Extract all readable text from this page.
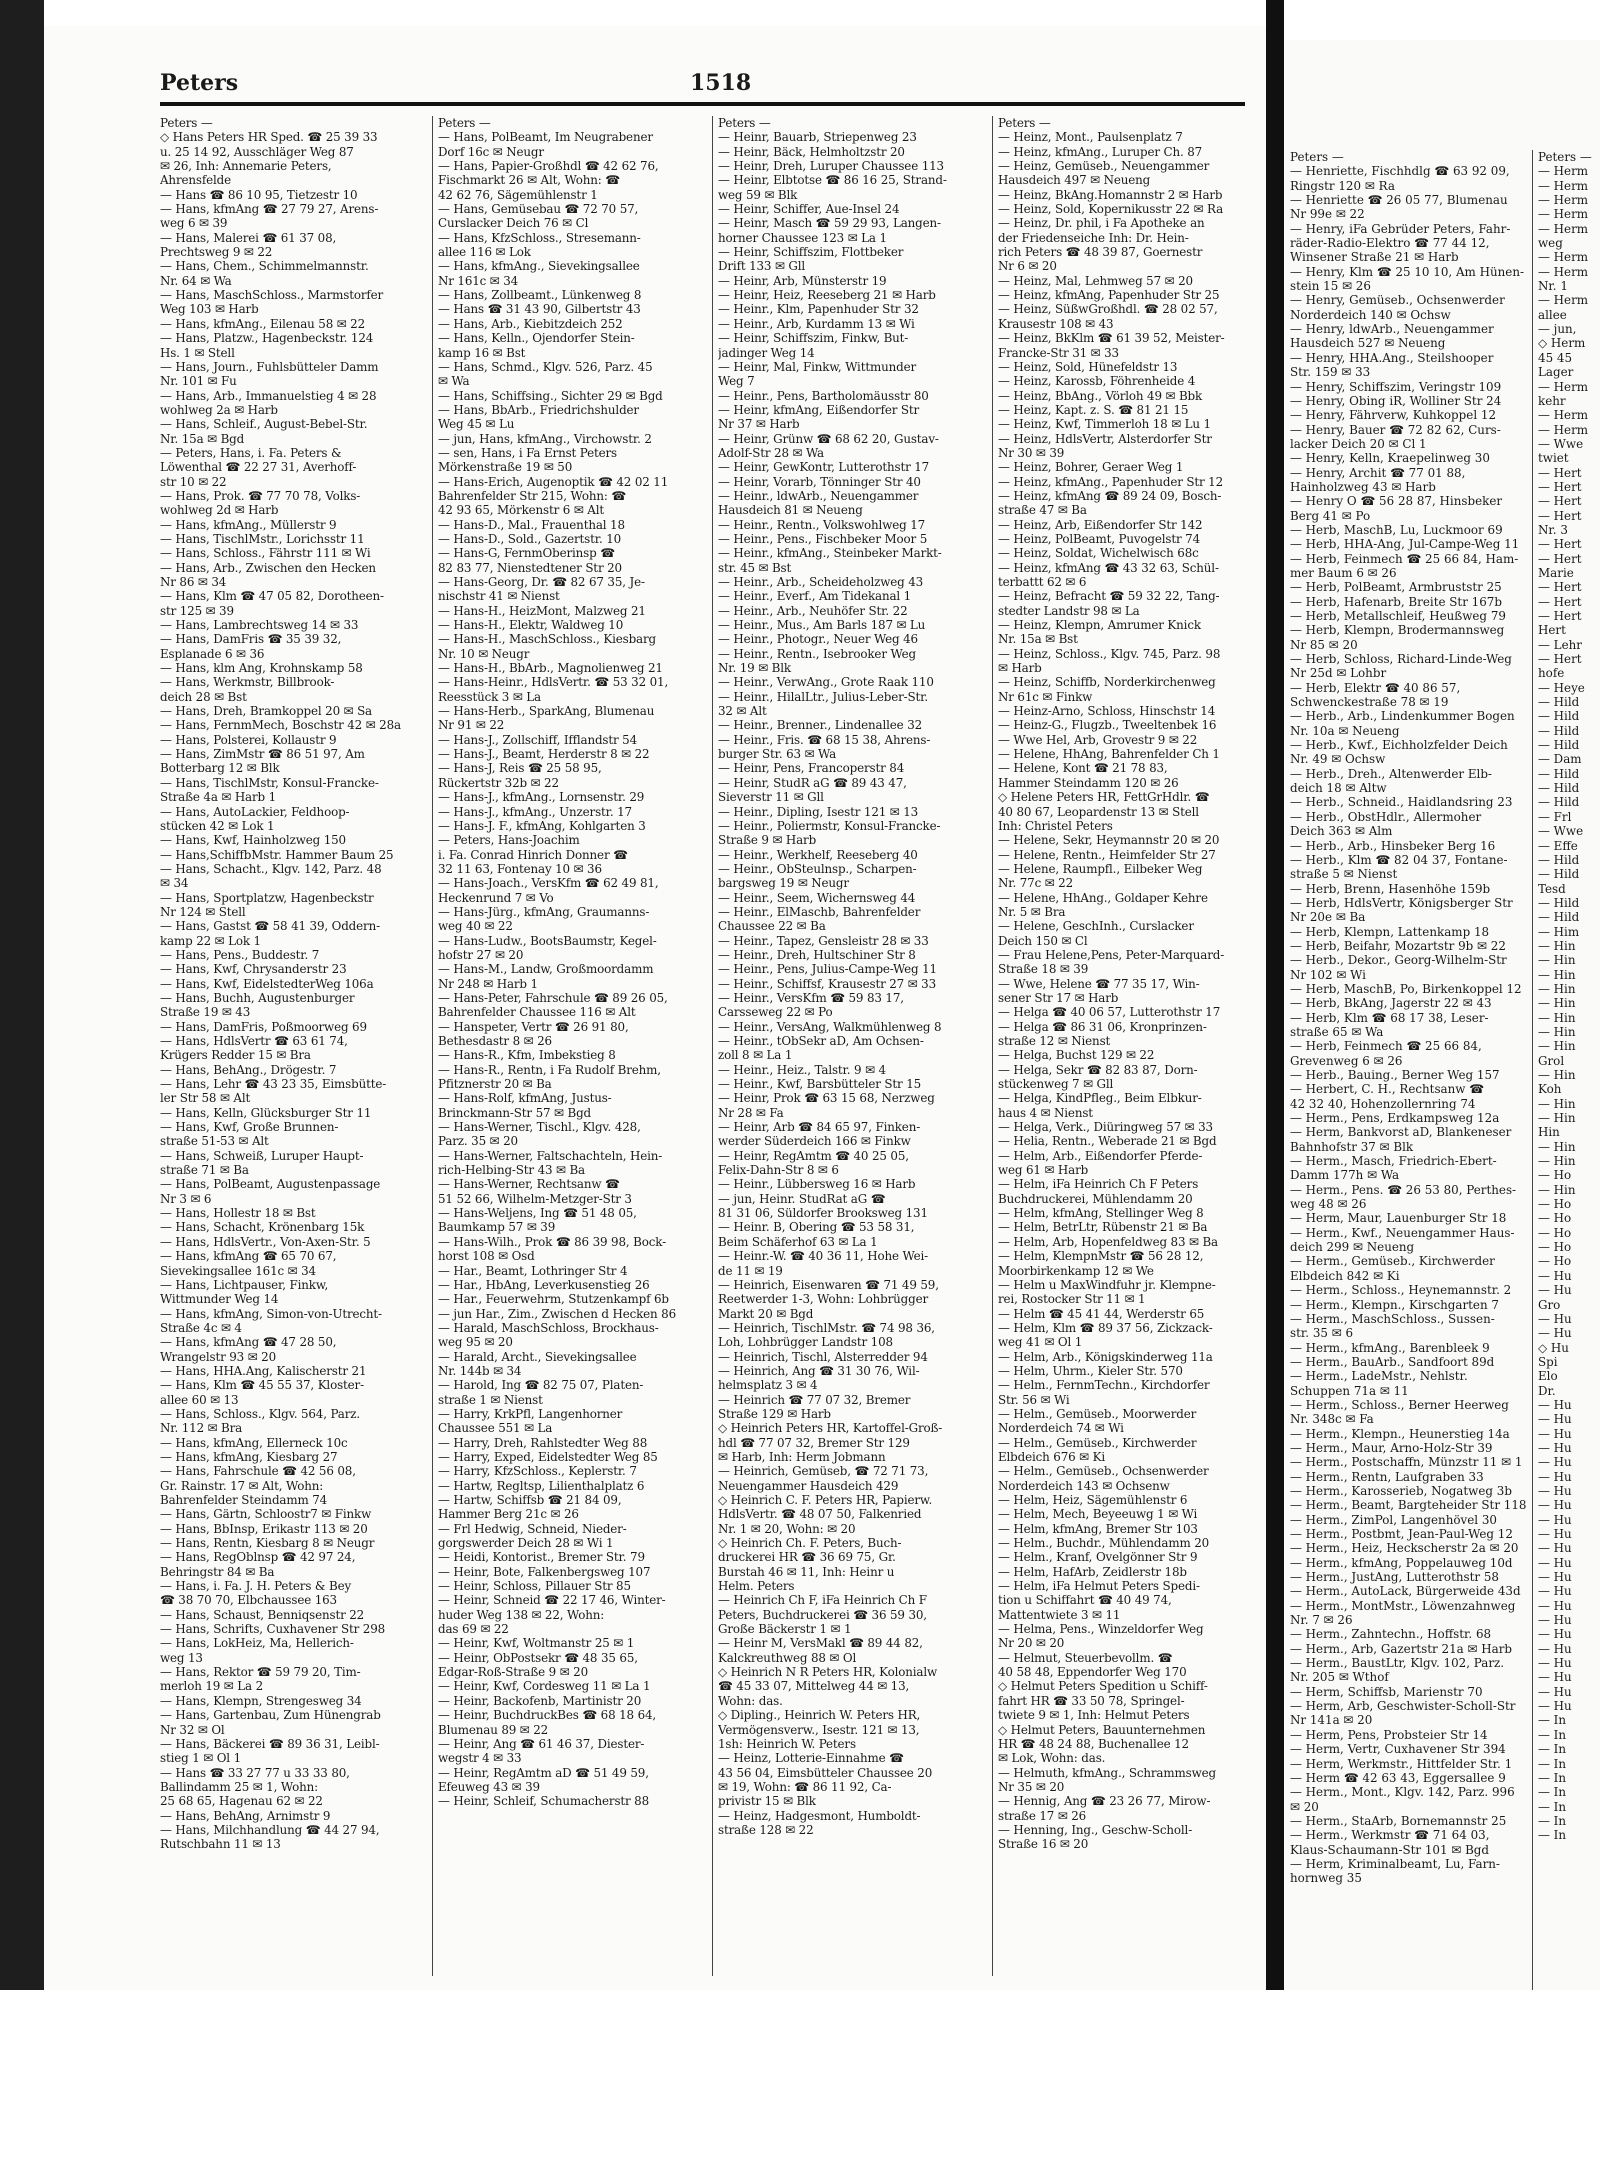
Peters —
— Henriette, Fischhdlg ☎ 63 92 09,
Ringstr 120 ✉ Ra
— Henriette ☎ 26 05 77, Blumenau
Nr 99e ✉ 22
— Henry, iFa Gebrüder Peters, Fahr-
räder-Radio-Elektro ☎ 77 44 12,
Winsener Straße 21 ✉ Harb
— Henry, Klm ☎ 25 10 10, Am Hünen-
stein 15 ✉ 26
— Henry, Gemüseb., Ochsenwerder
Norderdeich 140 ✉ Ochsw
— Henry, ldwArb., Neuengammer
Hausdeich 527 ✉ Neueng
— Henry, HHA.Ang., Steilshooper
Str. 159 ✉ 33
— Henry, Schiffszim, Veringstr 109
— Henry, Obing iR, Wolliner Str 24
— Henry, Fährverw, Kuhkoppel 12
— Henry, Bauer ☎ 72 82 62, Curs-
lacker Deich 20 ✉ Cl 1
— Henry, Kelln, Kraepelinweg 30
— Henry, Archit ☎ 77 01 88,
Hainholzweg 43 ✉ Harb
— Henry O ☎ 56 28 87, Hinsbeker
Berg 41 ✉ Po
— Herb, MaschB, Lu, Luckmoor 69
— Herb, HHA-Ang, Jul-Campe-Weg 11
— Herb, Feinmech ☎ 25 66 84, Ham-
mer Baum 6 ✉ 26
— Herb, PolBeamt, Armbruststr 25
— Herb, Hafenarb, Breite Str 167b
— Herb, Metallschleif, Heußweg 79
— Herb, Klempn, Brodermannsweg
Nr 85 ✉ 20
— Herb, Schloss, Richard-Linde-Weg
Nr 25d ✉ Lohbr
— Herb, Elektr ☎ 40 86 57,
Schwenckestraße 78 ✉ 19
— Herb., Arb., Lindenkummer Bogen
Nr. 10a ✉ Neueng
— Herb., Kwf., Eichholzfelder Deich
Nr. 49 ✉ Ochsw
— Herb., Dreh., Altenwerder Elb-
deich 18 ✉ Altw
— Herb., Schneid., Haidlandsring 23
— Herb., ObstHdlr., Allermoher
Deich 363 ✉ Alm
— Herb., Arb., Hinsbeker Berg 16
— Herb., Klm ☎ 82 04 37, Fontane-
straße 5 ✉ Nienst
— Herb, Brenn, Hasenhöhe 159b
— Herb, HdlsVertr, Königsberger Str
Nr 20e ✉ Ba
— Herb, Klempn, Lattenkamp 18
— Herb, Beifahr, Mozartstr 9b ✉ 22
— Herb., Dekor., Georg-Wilhelm-Str
Nr 102 ✉ Wi
— Herb, MaschB, Po, Birkenkoppel 12
— Herb, BkAng, Jagerstr 22 ✉ 43
— Herb, Klm ☎ 68 17 38, Leser-
straße 65 ✉ Wa
— Herb, Feinmech ☎ 25 66 84,
Grevenweg 6 ✉ 26
— Herb., Bauing., Berner Weg 157
— Herbert, C. H., Rechtsanw ☎
42 32 40, Hohenzollernring 74
— Herm., Pens, Erdkampsweg 12a
— Herm, Bankvorst aD, Blankeneser
Bahnhofstr 37 ✉ Blk
— Herm., Masch, Friedrich-Ebert-
Damm 177h ✉ Wa
— Herm., Pens. ☎ 26 53 80, Perthes-
weg 48 ✉ 26
— Herm, Maur, Lauenburger Str 18
— Herm., Kwf., Neuengammer Haus-
deich 299 ✉ Neueng
— Herm., Gemüseb., Kirchwerder
Elbdeich 842 ✉ Ki
— Herm., Schloss., Heynemannstr. 2
— Herm., Klempn., Kirschgarten 7
— Herm., MaschSchloss., Sussen-
str. 35 ✉ 6
— Herm., kfmAng., Barenbleek 9
— Herm., BauArb., Sandfoort 89d
— Herm., LadeMstr., Nehlstr.
Schuppen 71a ✉ 11
— Herm., Schloss., Berner Heerweg
Nr. 348c ✉ Fa
— Herm., Klempn., Heunerstieg 14a
— Herm., Maur, Arno-Holz-Str 39
— Herm., Postschaffn, Münzstr 11 ✉ 1
— Herm., Rentn, Laufgraben 33
— Herm., Karosserieb, Nogatweg 3b
— Herm., Beamt, Bargteheider Str 118
— Herm., ZimPol, Langenhövel 30
— Herm., Postbmt, Jean-Paul-Weg 12
— Herm., Heiz, Heckscherstr 2a ✉ 20
— Herm., kfmAng, Poppelauweg 10d
— Herm., JustAng, Lutterothstr 58
— Herm., AutoLack, Bürgerweide 43d
— Herm., MontMstr., Löwenzahnweg
Nr. 7 ✉ 26
— Herm., Zahntechn., Hoffstr. 68
— Herm., Arb, Gazertstr 21a ✉ Harb
— Herm., BaustLtr, Klgv. 102, Parz.
Nr. 205 ✉ Wthof
— Herm, Schiffsb, Marienstr 70
— Herm, Arb, Geschwister-Scholl-Str
Nr 141a ✉ 20
— Herm, Pens, Probsteier Str 14
— Herm, Vertr, Cuxhavener Str 394
— Herm, Werkmstr., Hittfelder Str. 1
— Herm ☎ 42 63 43, Eggersallee 9
— Herm., Mont., Klgv. 142, Parz. 996
✉ 20
— Herm., StaArb, Bornemannstr 25
— Herm., Werkmstr ☎ 71 64 03,
Klaus-Schaumann-Str 101 ✉ Bgd
— Herm, Kriminalbeamt, Lu, Farn-
hornweg 35
Peters —
— Herm
— Herm
— Herm
— Herm
— Herm
weg
— Herm
— Herm
Nr. 1
— Herm
allee
— jun,
◇ Herm
45 45
Lager
— Herm
kehr
— Herm
— Herm
— Wwe
twiet
— Hert
— Hert
— Hert
— Hert
Nr. 3
— Hert
— Hert
Marie
— Hert
— Hert
— Hert
Hert
— Lehr
— Hert
hofe
— Heye
— Hild
— Hild
— Hild
— Hild
— Dam
— Hild
— Hild
— Hild
— Frl
— Wwe
— Effe
— Hild
— Hild
Tesd
— Hild
— Hild
— Him
— Hin
— Hin
— Hin
— Hin
— Hin
— Hin
— Hin
— Hin
Grol
— Hin
Koh
— Hin
— Hin
Hin
— Hin
— Hin
— Ho
— Hin
— Ho
— Ho
— Ho
— Ho
— Ho
— Hu
— Hu
Gro
— Hu
— Hu
◇ Hu
Spi
Elo
Dr.
— Hu
— Hu
— Hu
— Hu
— Hu
— Hu
— Hu
— Hu
— Hu
— Hu
— Hu
— Hu
— Hu
— Hu
— Hu
— Hu
— Hu
— Hu
— Hu
— Hu
— Hu
— Hu
— In
— In
— In
— In
— In
— In
— In
— In
— In
Peters	1518
Peters —
◇ Hans Peters HR Sped. ☎ 25 39 33
u. 25 14 92, Ausschläger Weg 87
✉ 26, Inh: Annemarie Peters,
Ahrensfelde
— Hans ☎ 86 10 95, Tietzestr 10
— Hans, kfmAng ☎ 27 79 27, Arens-
weg 6 ✉ 39
— Hans, Malerei ☎ 61 37 08,
Prechtsweg 9 ✉ 22
— Hans, Chem., Schimmelmannstr.
Nr. 64 ✉ Wa
— Hans, MaschSchloss., Marmstorfer
Weg 103 ✉ Harb
— Hans, kfmAng., Eilenau 58 ✉ 22
— Hans, Platzw., Hagenbeckstr. 124
Hs. 1 ✉ Stell
— Hans, Journ., Fuhlsbütteler Damm
Nr. 101 ✉ Fu
— Hans, Arb., Immanuelstieg 4 ✉ 28
wohlweg 2a ✉ Harb
— Hans, Schleif., August-Bebel-Str.
Nr. 15a ✉ Bgd
— Peters, Hans, i. Fa. Peters &
Löwenthal ☎ 22 27 31, Averhoff-
str 10 ✉ 22
— Hans, Prok. ☎ 77 70 78, Volks-
wohlweg 2d ✉ Harb
— Hans, kfmAng., Müllerstr 9
— Hans, TischlMstr., Lorichsstr 11
— Hans, Schloss., Fährstr 111 ✉ Wi
— Hans, Arb., Zwischen den Hecken
Nr 86 ✉ 34
— Hans, Klm ☎ 47 05 82, Dorotheen-
str 125 ✉ 39
— Hans, Lambrechtsweg 14 ✉ 33
— Hans, DamFris ☎ 35 39 32,
Esplanade 6 ✉ 36
— Hans, klm Ang, Krohnskamp 58
— Hans, Werkmstr, Billbrook-
deich 28 ✉ Bst
— Hans, Dreh, Bramkoppel 20 ✉ Sa
— Hans, FernmMech, Boschstr 42 ✉ 28a
— Hans, Polsterei, Kollaustr 9
— Hans, ZimMstr ☎ 86 51 97, Am
Botterbarg 12 ✉ Blk
— Hans, TischlMstr, Konsul-Francke-
Straße 4a ✉ Harb 1
— Hans, AutoLackier, Feldhoop-
stücken 42 ✉ Lok 1
— Hans, Kwf, Hainholzweg 150
— Hans,SchiffbMstr. Hammer Baum 25
— Hans, Schacht., Klgv. 142, Parz. 48
✉ 34
— Hans, Sportplatzw, Hagenbeckstr
Nr 124 ✉ Stell
— Hans, Gastst ☎ 58 41 39, Oddern-
kamp 22 ✉ Lok 1
— Hans, Pens., Buddestr. 7
— Hans, Kwf, Chrysanderstr 23
— Hans, Kwf, EidelstedterWeg 106a
— Hans, Buchh, Augustenburger
Straße 19 ✉ 43
— Hans, DamFris, Poßmoorweg 69
— Hans, HdlsVertr ☎ 63 61 74,
Krügers Redder 15 ✉ Bra
— Hans, BehAng., Drögestr. 7
— Hans, Lehr ☎ 43 23 35, Eimsbütte-
ler Str 58 ✉ Alt
— Hans, Kelln, Glücksburger Str 11
— Hans, Kwf, Große Brunnen-
straße 51-53 ✉ Alt
— Hans, Schweiß, Luruper Haupt-
straße 71 ✉ Ba
— Hans, PolBeamt, Augustenpassage
Nr 3 ✉ 6
— Hans, Hollestr 18 ✉ Bst
— Hans, Schacht, Krönenbarg 15k
— Hans, HdlsVertr., Von-Axen-Str. 5
— Hans, kfmAng ☎ 65 70 67,
Sievekingsallee 161c ✉ 34
— Hans, Lichtpauser, Finkw,
Wittmunder Weg 14
— Hans, kfmAng, Simon-von-Utrecht-
Straße 4c ✉ 4
— Hans, kfmAng ☎ 47 28 50,
Wrangelstr 93 ✉ 20
— Hans, HHA.Ang, Kalischerstr 21
— Hans, Klm ☎ 45 55 37, Kloster-
allee 60 ✉ 13
— Hans, Schloss., Klgv. 564, Parz.
Nr. 112 ✉ Bra
— Hans, kfmAng, Ellerneck 10c
— Hans, kfmAng, Kiesbarg 27
— Hans, Fahrschule ☎ 42 56 08,
Gr. Rainstr. 17 ✉ Alt, Wohn:
Bahrenfelder Steindamm 74
— Hans, Gärtn, Schloostr7 ✉ Finkw
— Hans, BbInsp, Erikastr 113 ✉ 20
— Hans, Rentn, Kiesbarg 8 ✉ Neugr
— Hans, RegOblnsp ☎ 42 97 24,
Behringstr 84 ✉ Ba
— Hans, i. Fa. J. H. Peters & Bey
☎ 38 70 70, Elbchaussee 163
— Hans, Schaust, Benniqsenstr 22
— Hans, Schrifts, Cuxhavener Str 298
— Hans, LokHeiz, Ma, Hellerich-
weg 13
— Hans, Rektor ☎ 59 79 20, Tim-
merloh 19 ✉ La 2
— Hans, Klempn, Strengesweg 34
— Hans, Gartenbau, Zum Hünengrab
Nr 32 ✉ Ol
— Hans, Bäckerei ☎ 89 36 31, Leibl-
stieg 1 ✉ Ol 1
— Hans ☎ 33 27 77 u 33 33 80,
Ballindamm 25 ✉ 1, Wohn:
25 68 65, Hagenau 62 ✉ 22
— Hans, BehAng, Arnimstr 9
— Hans, Milchhandlung ☎ 44 27 94,
Rutschbahn 11 ✉ 13
Peters —
— Hans, PolBeamt, Im Neugrabener
Dorf 16c ✉ Neugr
— Hans, Papier-Großhdl ☎ 42 62 76,
Fischmarkt 26 ✉ Alt, Wohn: ☎
42 62 76, Sägemühlenstr 1
— Hans, Gemüsebau ☎ 72 70 57,
Curslacker Deich 76 ✉ Cl
— Hans, KfzSchloss., Stresemann-
allee 116 ✉ Lok
— Hans, kfmAng., Sievekingsallee
Nr 161c ✉ 34
— Hans, Zollbeamt., Lünkenweg 8
— Hans ☎ 31 43 90, Gilbertstr 43
— Hans, Arb., Kiebitzdeich 252
— Hans, Kelln., Ojendorfer Stein-
kamp 16 ✉ Bst
— Hans, Schmd., Klgv. 526, Parz. 45
✉ Wa
— Hans, Schiffsing., Sichter 29 ✉ Bgd
— Hans, BbArb., Friedrichshulder
Weg 45 ✉ Lu
— jun, Hans, kfmAng., Virchowstr. 2
— sen, Hans, i Fa Ernst Peters
Mörkenstraße 19 ✉ 50
— Hans-Erich, Augenoptik ☎ 42 02 11
Bahrenfelder Str 215, Wohn: ☎
42 93 65, Mörkenstr 6 ✉ Alt
— Hans-D., Mal., Frauenthal 18
— Hans-D., Sold., Gazertstr. 10
— Hans-G, FernmOberinsp ☎
82 83 77, Nienstedtener Str 20
— Hans-Georg, Dr. ☎ 82 67 35, Je-
nischstr 41 ✉ Nienst
— Hans-H., HeizMont, Malzweg 21
— Hans-H., Elektr, Waldweg 10
— Hans-H., MaschSchloss., Kiesbarg
Nr. 10 ✉ Neugr
— Hans-H., BbArb., Magnolienweg 21
— Hans-Heinr., HdlsVertr. ☎ 53 32 01,
Reesstück 3 ✉ La
— Hans-Herb., SparkAng, Blumenau
Nr 91 ✉ 22
— Hans-J., Zollschiff, Ifflandstr 54
— Hans-J., Beamt, Herderstr 8 ✉ 22
— Hans-J, Reis ☎ 25 58 95,
Rückertstr 32b ✉ 22
— Hans-J., kfmAng., Lornsenstr. 29
— Hans-J., kfmAng., Unzerstr. 17
— Hans-J. F., kfmAng, Kohlgarten 3
— Peters, Hans-Joachim
i. Fa. Conrad Hinrich Donner ☎
32 11 63, Fontenay 10 ✉ 36
— Hans-Joach., VersKfm ☎ 62 49 81,
Heckenrund 7 ✉ Vo
— Hans-Jürg., kfmAng, Graumanns-
weg 40 ✉ 22
— Hans-Ludw., BootsBaumstr, Kegel-
hofstr 27 ✉ 20
— Hans-M., Landw, Großmoordamm
Nr 248 ✉ Harb 1
— Hans-Peter, Fahrschule ☎ 89 26 05,
Bahrenfelder Chaussee 116 ✉ Alt
— Hanspeter, Vertr ☎ 26 91 80,
Bethesdastr 8 ✉ 26
— Hans-R., Kfm, Imbekstieg 8
— Hans-R., Rentn, i Fa Rudolf Brehm,
Pfitznerstr 20 ✉ Ba
— Hans-Rolf, kfmAng, Justus-
Brinckmann-Str 57 ✉ Bgd
— Hans-Werner, Tischl., Klgv. 428,
Parz. 35 ✉ 20
— Hans-Werner, Faltschachteln, Hein-
rich-Helbing-Str 43 ✉ Ba
— Hans-Werner, Rechtsanw ☎
51 52 66, Wilhelm-Metzger-Str 3
— Hans-Weljens, Ing ☎ 51 48 05,
Baumkamp 57 ✉ 39
— Hans-Wilh., Prok ☎ 86 39 98, Bock-
horst 108 ✉ Osd
— Har., Beamt, Lothringer Str 4
— Har., HbAng, Leverkusenstieg 26
— Har., Feuerwehrm, Stutzenkampf 6b
— jun Har., Zim., Zwischen d Hecken 86
— Harald, MaschSchloss, Brockhaus-
weg 95 ✉ 20
— Harald, Archt., Sievekingsallee
Nr. 144b ✉ 34
— Harold, Ing ☎ 82 75 07, Platen-
straße 1 ✉ Nienst
— Harry, KrkPfl, Langenhorner
Chaussee 551 ✉ La
— Harry, Dreh, Rahlstedter Weg 88
— Harry, Exped, Eidelstedter Weg 85
— Harry, KfzSchloss., Keplerstr. 7
— Hartw, Regltsp, Lilienthalplatz 6
— Hartw, Schiffsb ☎ 21 84 09,
Hammer Berg 21c ✉ 26
— Frl Hedwig, Schneid, Nieder-
gorgswerder Deich 28 ✉ Wi 1
— Heidi, Kontorist., Bremer Str. 79
— Heinr, Bote, Falkenbergsweg 107
— Heinr, Schloss, Pillauer Str 85
— Heinr, Schneid ☎ 22 17 46, Winter-
huder Weg 138 ✉ 22, Wohn:
das 69 ✉ 22
— Heinr, Kwf, Woltmanstr 25 ✉ 1
— Heinr, ObPostsekr ☎ 48 35 65,
Edgar-Roß-Straße 9 ✉ 20
— Heinr, Kwf, Cordesweg 11 ✉ La 1
— Heinr, Backofenb, Martinistr 20
— Heinr, BuchdruckBes ☎ 68 18 64,
Blumenau 89 ✉ 22
— Heinr, Ang ☎ 61 46 37, Diester-
wegstr 4 ✉ 33
— Heinr, RegAmtm aD ☎ 51 49 59,
Efeuweg 43 ✉ 39
— Heinr, Schleif, Schumacherstr 88
Peters —
— Heinr, Bauarb, Striepenweg 23
— Heinr, Bäck, Helmholtzstr 20
— Heinr, Dreh, Luruper Chaussee 113
— Heinr, Elbtotse ☎ 86 16 25, Strand-
weg 59 ✉ Blk
— Heinr, Schiffer, Aue-Insel 24
— Heinr, Masch ☎ 59 29 93, Langen-
horner Chaussee 123 ✉ La 1
— Heinr, Schiffszim, Flottbeker
Drift 133 ✉ Gll
— Heinr, Arb, Münsterstr 19
— Heinr, Heiz, Reeseberg 21 ✉ Harb
— Heinr., Klm, Papenhuder Str 32
— Heinr., Arb, Kurdamm 13 ✉ Wi
— Heinr, Schiffszim, Finkw, But-
jadinger Weg 14
— Heinr, Mal, Finkw, Wittmunder
Weg 7
— Heinr., Pens, Bartholomäusstr 80
— Heinr, kfmAng, Eißendorfer Str
Nr 37 ✉ Harb
— Heinr, Grünw ☎ 68 62 20, Gustav-
Adolf-Str 28 ✉ Wa
— Heinr, GewKontr, Lutterothstr 17
— Heinr, Vorarb, Tönninger Str 40
— Heinr., ldwArb., Neuengammer
Hausdeich 81 ✉ Neueng
— Heinr., Rentn., Volkswohlweg 17
— Heinr., Pens., Fischbeker Moor 5
— Heinr., kfmAng., Steinbeker Markt-
str. 45 ✉ Bst
— Heinr., Arb., Scheideholzweg 43
— Heinr., Everf., Am Tidekanal 1
— Heinr., Arb., Neuhöfer Str. 22
— Heinr., Mus., Am Barls 187 ✉ Lu
— Heinr., Photogr., Neuer Weg 46
— Heinr., Rentn., Isebrooker Weg
Nr. 19 ✉ Blk
— Heinr., VerwAng., Grote Raak 110
— Heinr., HilalLtr., Julius-Leber-Str.
32 ✉ Alt
— Heinr., Brenner., Lindenallee 32
— Heinr., Fris. ☎ 68 15 38, Ahrens-
burger Str. 63 ✉ Wa
— Heinr, Pens, Francoperstr 84
— Heinr, StudR aG ☎ 89 43 47,
Sieverstr 11 ✉ Gll
— Heinr., Dipling, Isestr 121 ✉ 13
— Heinr., Poliermstr, Konsul-Francke-
Straße 9 ✉ Harb
— Heinr., Werkhelf, Reeseberg 40
— Heinr., ObSteulnsp., Scharpen-
bargsweg 19 ✉ Neugr
— Heinr., Seem, Wichernsweg 44
— Heinr., ElMaschb, Bahrenfelder
Chaussee 22 ✉ Ba
— Heinr., Tapez, Gensleistr 28 ✉ 33
— Heinr., Dreh, Hultschiner Str 8
— Heinr., Pens, Julius-Campe-Weg 11
— Heinr., Schiffsf, Krausestr 27 ✉ 33
— Heinr., VersKfm ☎ 59 83 17,
Carsseweg 22 ✉ Po
— Heinr., VersAng, Walkmühlenweg 8
— Heinr., tObSekr aD, Am Ochsen-
zoll 8 ✉ La 1
— Heinr., Heiz., Talstr. 9 ✉ 4
— Heinr., Kwf, Barsbütteler Str 15
— Heinr, Prok ☎ 63 15 68, Nerzweg
Nr 28 ✉ Fa
— Heinr, Arb ☎ 84 65 97, Finken-
werder Süderdeich 166 ✉ Finkw
— Heinr, RegAmtm ☎ 40 25 05,
Felix-Dahn-Str 8 ✉ 6
— Heinr., Lübbersweg 16 ✉ Harb
— jun, Heinr. StudRat aG ☎
81 31 06, Süldorfer Brooksweg 131
— Heinr. B, Obering ☎ 53 58 31,
Beim Schäferhof 63 ✉ La 1
— Heinr.-W. ☎ 40 36 11, Hohe Wei-
de 11 ✉ 19
— Heinrich, Eisenwaren ☎ 71 49 59,
Reetwerder 1-3, Wohn: Lohbrügger
Markt 20 ✉ Bgd
— Heinrich, TischlMstr. ☎ 74 98 36,
Loh, Lohbrügger Landstr 108
— Heinrich, Tischl, Alsterredder 94
— Heinrich, Ang ☎ 31 30 76, Wil-
helmsplatz 3 ✉ 4
— Heinrich ☎ 77 07 32, Bremer
Straße 129 ✉ Harb
◇ Heinrich Peters HR, Kartoffel-Groß-
hdl ☎ 77 07 32, Bremer Str 129
✉ Harb, Inh: Herm Jobmann
— Heinrich, Gemüseb, ☎ 72 71 73,
Neuengammer Hausdeich 429
◇ Heinrich C. F. Peters HR, Papierw.
HdlsVertr. ☎ 48 07 50, Falkenried
Nr. 1 ✉ 20, Wohn: ✉ 20
◇ Heinrich Ch. F. Peters, Buch-
druckerei HR ☎ 36 69 75, Gr.
Burstah 46 ✉ 11, Inh: Heinr u
Helm. Peters
— Heinrich Ch F, iFa Heinrich Ch F
Peters, Buchdruckerei ☎ 36 59 30,
Große Bäckerstr 1 ✉ 1
— Heinr M, VersMakl ☎ 89 44 82,
Kalckreuthweg 88 ✉ Ol
◇ Heinrich N R Peters HR, Kolonialw
☎ 45 33 07, Mittelweg 44 ✉ 13,
Wohn: das.
◇ Dipling., Heinrich W. Peters HR,
Vermögensverw., Isestr. 121 ✉ 13,
1sh: Heinrich W. Peters
— Heinz, Lotterie-Einnahme ☎
43 56 04, Eimsbütteler Chaussee 20
✉ 19, Wohn: ☎ 86 11 92, Ca-
privistr 15 ✉ Blk
— Heinz, Hadgesmont, Humboldt-
straße 128 ✉ 22
Peters —
— Heinz, Mont., Paulsenplatz 7
— Heinz, kfmAng., Luruper Ch. 87
— Heinz, Gemüseb., Neuengammer
Hausdeich 497 ✉ Neueng
— Heinz, BkAng.Homannstr 2 ✉ Harb
— Heinz, Sold, Kopernikusstr 22 ✉ Ra
— Heinz, Dr. phil, i Fa Apotheke an
der Friedenseiche Inh: Dr. Hein-
rich Peters ☎ 48 39 87, Goernestr
Nr 6 ✉ 20
— Heinz, Mal, Lehmweg 57 ✉ 20
— Heinz, kfmAng, Papenhuder Str 25
— Heinz, SüßwGroßhdl. ☎ 28 02 57,
Krausestr 108 ✉ 43
— Heinz, BkKlm ☎ 61 39 52, Meister-
Francke-Str 31 ✉ 33
— Heinz, Sold, Hünefeldstr 13
— Heinz, Karossb, Föhrenheide 4
— Heinz, BbAng., Vörloh 49 ✉ Bbk
— Heinz, Kapt. z. S. ☎ 81 21 15
— Heinz, Kwf, Timmerloh 18 ✉ Lu 1
— Heinz, HdlsVertr, Alsterdorfer Str
Nr 30 ✉ 39
— Heinz, Bohrer, Geraer Weg 1
— Heinz, kfmAng., Papenhuder Str 12
— Heinz, kfmAng ☎ 89 24 09, Bosch-
straße 47 ✉ Ba
— Heinz, Arb, Eißendorfer Str 142
— Heinz, PolBeamt, Puvogelstr 74
— Heinz, Soldat, Wichelwisch 68c
— Heinz, kfmAng ☎ 43 32 63, Schül-
terbattt 62 ✉ 6
— Heinz, Befracht ☎ 59 32 22, Tang-
stedter Landstr 98 ✉ La
— Heinz, Klempn, Amrumer Knick
Nr. 15a ✉ Bst
— Heinz, Schloss., Klgv. 745, Parz. 98
✉ Harb
— Heinz, Schiffb, Norderkirchenweg
Nr 61c ✉ Finkw
— Heinz-Arno, Schloss, Hinschstr 14
— Heinz-G., Flugzb., Tweeltenbek 16
— Wwe Hel, Arb, Grovestr 9 ✉ 22
— Helene, HhAng, Bahrenfelder Ch 1
— Helene, Kont ☎ 21 78 83,
Hammer Steindamm 120 ✉ 26
◇ Helene Peters HR, FettGrHdlr. ☎
40 80 67, Leopardenstr 13 ✉ Stell
Inh: Christel Peters
— Helene, Sekr, Heymannstr 20 ✉ 20
— Helene, Rentn., Heimfelder Str 27
— Helene, Raumpfl., Eilbeker Weg
Nr. 77c ✉ 22
— Helene, HhAng., Goldaper Kehre
Nr. 5 ✉ Bra
— Helene, GeschInh., Curslacker
Deich 150 ✉ Cl
— Frau Helene,Pens, Peter-Marquard-
Straße 18 ✉ 39
— Wwe, Helene ☎ 77 35 17, Win-
sener Str 17 ✉ Harb
— Helga ☎ 40 06 57, Lutterothstr 17
— Helga ☎ 86 31 06, Kronprinzen-
straße 12 ✉ Nienst
— Helga, Buchst 129 ✉ 22
— Helga, Sekr ☎ 82 83 87, Dorn-
stückenweg 7 ✉ Gll
— Helga, KindPfleg., Beim Elbkur-
haus 4 ✉ Nienst
— Helga, Verk., Diüringweg 57 ✉ 33
— Helia, Rentn., Weberade 21 ✉ Bgd
— Helm, Arb., Eißendorfer Pferde-
weg 61 ✉ Harb
— Helm, iFa Heinrich Ch F Peters
Buchdruckerei, Mühlendamm 20
— Helm, kfmAng, Stellinger Weg 8
— Helm, BetrLtr, Rübenstr 21 ✉ Ba
— Helm, Arb, Hopenfeldweg 83 ✉ Ba
— Helm, KlempnMstr ☎ 56 28 12,
Moorbirkenkamp 12 ✉ We
— Helm u MaxWindfuhr jr. Klempne-
rei, Rostocker Str 11 ✉ 1
— Helm ☎ 45 41 44, Werderstr 65
— Helm, Klm ☎ 89 37 56, Zickzack-
weg 41 ✉ Ol 1
— Helm, Arb., Königskinderweg 11a
— Helm, Uhrm., Kieler Str. 570
— Helm., FernmTechn., Kirchdorfer
Str. 56 ✉ Wi
— Helm., Gemüseb., Moorwerder
Norderdeich 74 ✉ Wi
— Helm., Gemüseb., Kirchwerder
Elbdeich 676 ✉ Ki
— Helm., Gemüseb., Ochsenwerder
Norderdeich 143 ✉ Ochsenw
— Helm, Heiz, Sägemühlenstr 6
— Helm, Mech, Beyeeuwg 1 ✉ Wi
— Helm, kfmAng, Bremer Str 103
— Helm., Buchdr., Mühlendamm 20
— Helm., Kranf, Ovelgönner Str 9
— Helm, HafArb, Zeidlerstr 18b
— Helm, iFa Helmut Peters Spedi-
tion u Schiffahrt ☎ 40 49 74,
Mattentwiete 3 ✉ 11
— Helma, Pens., Winzeldorfer Weg
Nr 20 ✉ 20
— Helmut, Steuerbevollm. ☎
40 58 48, Eppendorfer Weg 170
◇ Helmut Peters Spedition u Schiff-
fahrt HR ☎ 33 50 78, Springel-
twiete 9 ✉ 1, Inh: Helmut Peters
◇ Helmut Peters, Bauunternehmen
HR ☎ 48 24 88, Buchenallee 12
✉ Lok, Wohn: das.
— Helmuth, kfmAng., Schrammsweg
Nr 35 ✉ 20
— Hennig, Ang ☎ 23 26 77, Mirow-
straße 17 ✉ 26
— Henning, Ing., Geschw-Scholl-
Straße 16 ✉ 20
